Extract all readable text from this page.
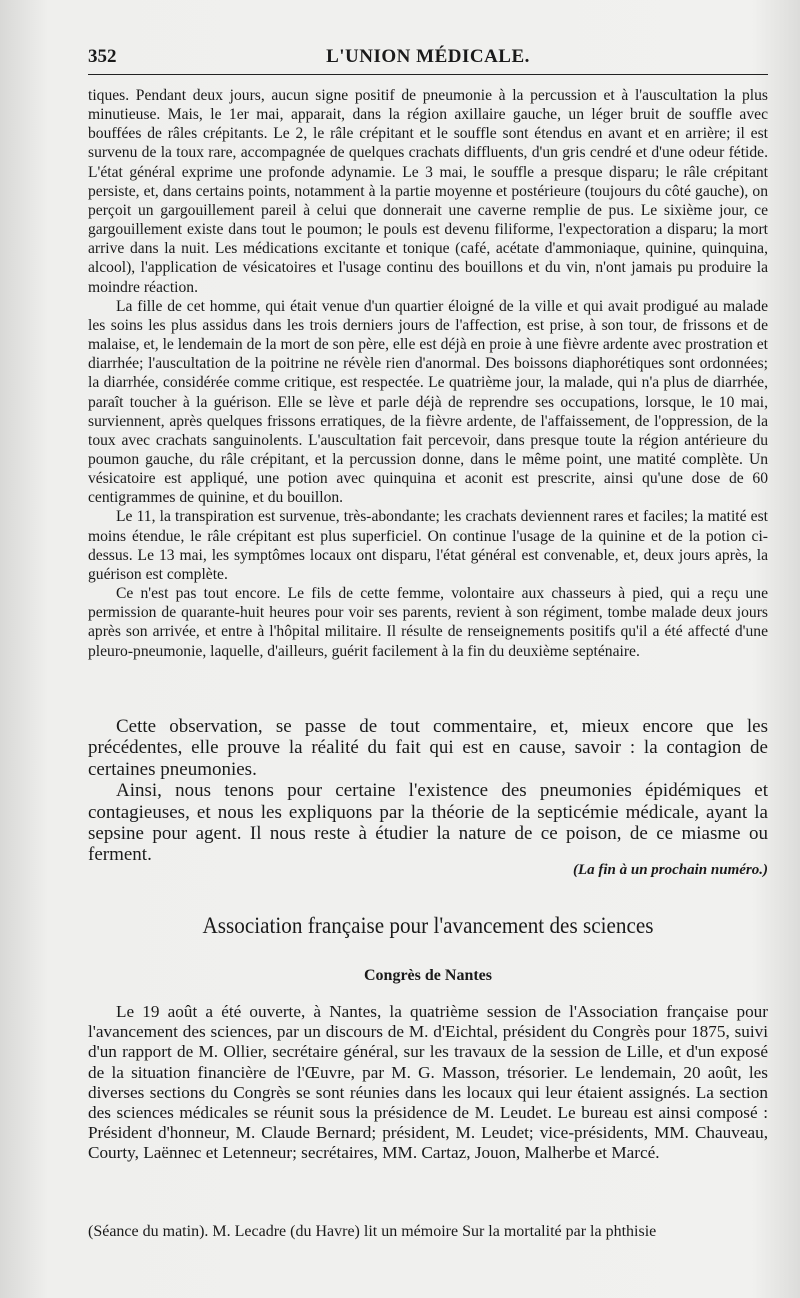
352	L'UNION MÉDICALE.

tiques. Pendant deux jours, aucun signe positif de pneumonie à la percussion et à l'auscultation la plus minutieuse. Mais, le 1er mai, apparait, dans la région axillaire gauche, un léger bruit de souffle avec bouffées de râles crépitants. Le 2, le râle crépitant et le souffle sont étendus en avant et en arrière; il est survenu de la toux rare, accompagnée de quelques crachats diffluents, d'un gris cendré et d'une odeur fétide. L'état général exprime une profonde adynamie. Le 3 mai, le souffle a presque disparu; le râle crépitant persiste, et, dans certains points, notamment à la partie moyenne et postérieure (toujours du côté gauche), on perçoit un gargouillement pareil à celui que donnerait une caverne remplie de pus. Le sixième jour, ce gargouillement existe dans tout le poumon; le pouls est devenu filiforme, l'expectoration a disparu; la mort arrive dans la nuit. Les médications excitante et tonique (café, acétate d'ammoniaque, quinine, quinquina, alcool), l'application de vésicatoires et l'usage continu des bouillons et du vin, n'ont jamais pu produire la moindre réaction.

La fille de cet homme, qui était venue d'un quartier éloigné de la ville et qui avait prodigué au malade les soins les plus assidus dans les trois derniers jours de l'affection, est prise, à son tour, de frissons et de malaise, et, le lendemain de la mort de son père, elle est déjà en proie à une fièvre ardente avec prostration et diarrhée; l'auscultation de la poitrine ne révèle rien d'anormal. Des boissons diaphorétiques sont ordonnées; la diarrhée, considérée comme critique, est respectée. Le quatrième jour, la malade, qui n'a plus de diarrhée, paraît toucher à la guérison. Elle se lève et parle déjà de reprendre ses occupations, lorsque, le 10 mai, surviennent, après quelques frissons erratiques, de la fièvre ardente, de l'affaissement, de l'oppression, de la toux avec crachats sanguinolents. L'auscultation fait percevoir, dans presque toute la région antérieure du poumon gauche, du râle crépitant, et la percussion donne, dans le même point, une matité complète. Un vésicatoire est appliqué, une potion avec quinquina et aconit est prescrite, ainsi qu'une dose de 60 centigrammes de quinine, et du bouillon.

Le 11, la transpiration est survenue, très-abondante; les crachats deviennent rares et faciles; la matité est moins étendue, le râle crépitant est plus superficiel. On continue l'usage de la quinine et de la potion ci-dessus. Le 13 mai, les symptômes locaux ont disparu, l'état général est convenable, et, deux jours après, la guérison est complète.

Ce n'est pas tout encore. Le fils de cette femme, volontaire aux chasseurs à pied, qui a reçu une permission de quarante-huit heures pour voir ses parents, revient à son régiment, tombe malade deux jours après son arrivée, et entre à l'hôpital militaire. Il résulte de renseignements positifs qu'il a été affecté d'une pleuro-pneumonie, laquelle, d'ailleurs, guérit facilement à la fin du deuxième septénaire.

Cette observation, se passe de tout commentaire, et, mieux encore que les précédentes, elle prouve la réalité du fait qui est en cause, savoir : la contagion de certaines pneumonies.

Ainsi, nous tenons pour certaine l'existence des pneumonies épidémiques et contagieuses, et nous les expliquons par la théorie de la septicémie médicale, ayant la sepsine pour agent. Il nous reste à étudier la nature de ce poison, de ce miasme ou ferment.

(La fin à un prochain numéro.)
Association française pour l'avancement des sciences
Congrès de Nantes

Le 19 août a été ouverte, à Nantes, la quatrième session de l'Association française pour l'avancement des sciences, par un discours de M. d'Eichtal, président du Congrès pour 1875, suivi d'un rapport de M. Ollier, secrétaire général, sur les travaux de la session de Lille, et d'un exposé de la situation financière de l'Œuvre, par M. G. Masson, trésorier. Le lendemain, 20 août, les diverses sections du Congrès se sont réunies dans les locaux qui leur étaient assignés. La section des sciences médicales se réunit sous la présidence de M. Leudet. Le bureau est ainsi composé : Président d'honneur, M. Claude Bernard; président, M. Leudet; vice-présidents, MM. Chauveau, Courty, Laënnec et Letenneur; secrétaires, MM. Cartaz, Jouon, Malherbe et Marcé.

(Séance du matin). M. Lecadre (du Havre) lit un mémoire Sur la mortalité par la phthisie
